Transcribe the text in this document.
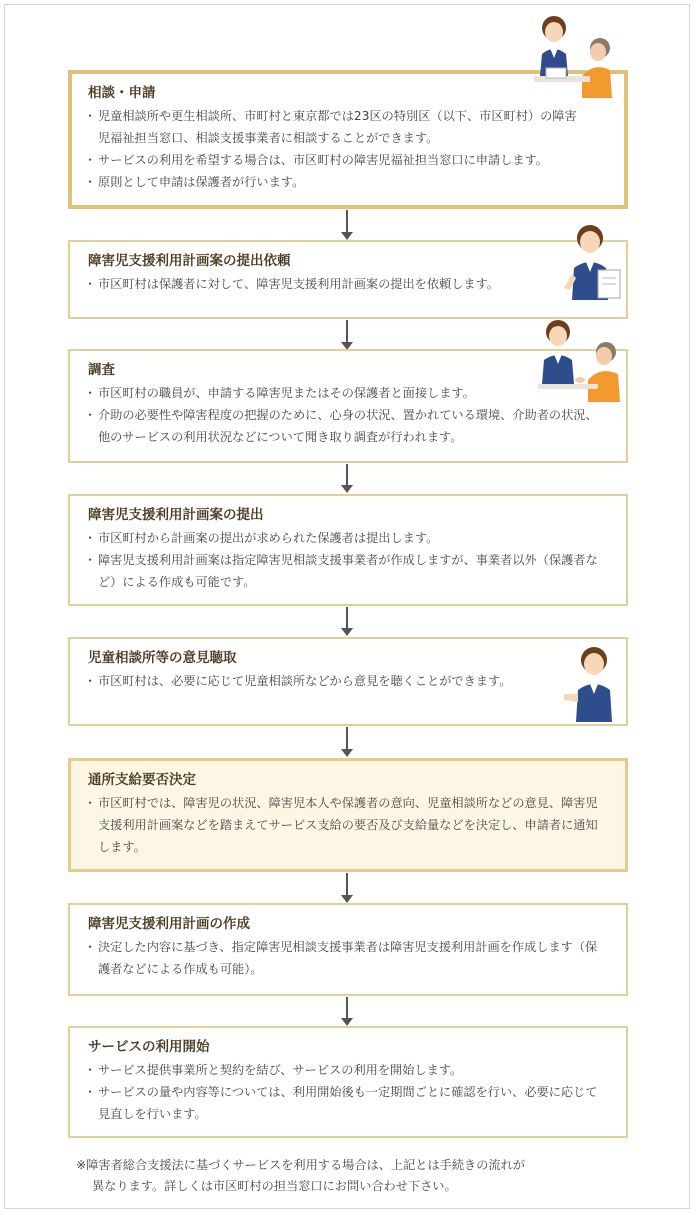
相談・申請
・ 児童相談所や更生相談所、市町村と東京都では23区の特別区（以下、市区町村）の障害児福祉担当窓口、相談支援事業者に相談することができます。
・ サービスの利用を希望する場合は、市区町村の障害児福祉担当窓口に申請します。
・ 原則として申請は保護者が行います。
障害児支援利用計画案の提出依頼
・ 市区町村は保護者に対して、障害児支援利用計画案の提出を依頼します。
調査
・ 市区町村の職員が、申請する障害児またはその保護者と面接します。
・ 介助の必要性や障害程度の把握のために、心身の状況、置かれている環境、介助者の状況、他のサービスの利用状況などについて聞き取り調査が行われます。
障害児支援利用計画案の提出
・ 市区町村から計画案の提出が求められた保護者は提出します。
・ 障害児支援利用計画案は指定障害児相談支援事業者が作成しますが、事業者以外（保護者など）による作成も可能です。
児童相談所等の意見聴取
・ 市区町村は、必要に応じて児童相談所などから意見を聴くことができます。
通所支給要否決定
・ 市区町村では、障害児の状況、障害児本人や保護者の意向、児童相談所などの意見、障害児支援利用計画案などを踏まえてサービス支給の要否及び支給量などを決定し、申請者に通知します。
障害児支援利用計画の作成
・ 決定した内容に基づき、指定障害児相談支援事業者は障害児支援利用計画を作成します（保護者などによる作成も可能）。
サービスの利用開始
・ サービス提供事業所と契約を結び、サービスの利用を開始します。
・ サービスの量や内容等については、利用開始後も一定期間ごとに確認を行い、必要に応じて見直しを行います。
※障害者総合支援法に基づくサービスを利用する場合は、上記とは手続きの流れが
異なります。詳しくは市区町村の担当窓口にお問い合わせ下さい。
